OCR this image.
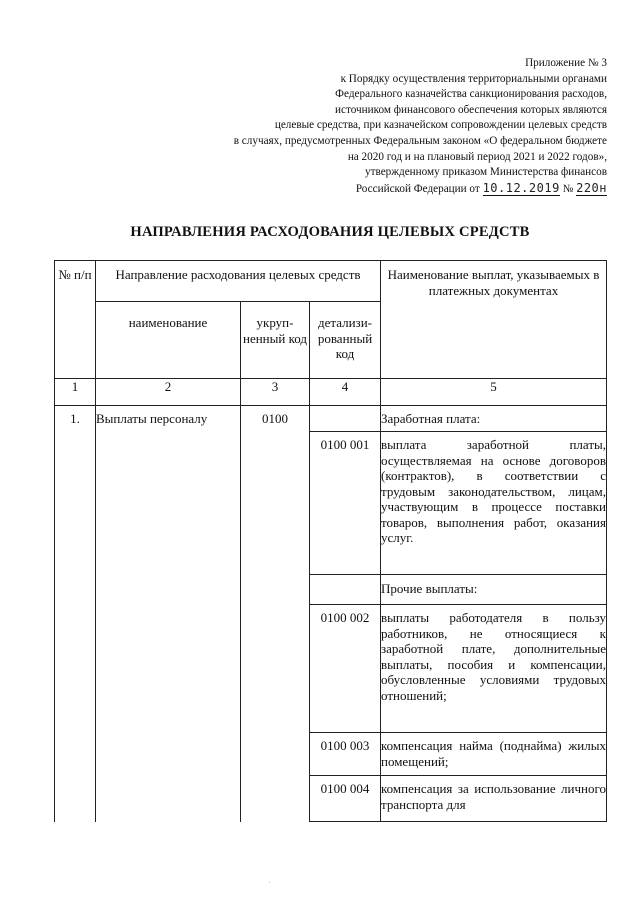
Приложение № 3
к Порядку осуществления территориальными органами
Федерального казначейства санкционирования расходов,
источником финансового обеспечения которых являются
целевые средства, при казначейском сопровождении целевых средств
в случаях, предусмотренных Федеральным законом «О федеральном бюджете
на 2020 год и на плановый период 2021 и 2022 годов»,
утвержденному приказом Министерства финансов
Российской Федерации от 10.12.2019 № 220н
НАПРАВЛЕНИЯ РАСХОДОВАНИЯ ЦЕЛЕВЫХ СРЕДСТВ
№ п/п	Направление расходования целевых средств			Наименование выплат, указываемых в платежных документах
	наименование	укруп-ненный код	детализи-рованный код	
1	2	3	4	5
1.	Выплаты персоналу	0100		Заработная плата:
			0100 001	выплата заработной платы, осуществляемая на основе договоров (контрактов), в соответствии с трудовым законодательством, лицам, участвующим в процессе поставки товаров, выполнения работ, оказания услуг.
				Прочие выплаты:
			0100 002	выплаты работодателя в пользу работников, не относящиеся к заработной плате, дополнительные выплаты, пособия и компенсации, обусловленные условиями трудовых отношений;
			0100 003	компенсация найма (поднайма) жилых помещений;
			0100 004	компенсация за использование личного транспорта для
·
